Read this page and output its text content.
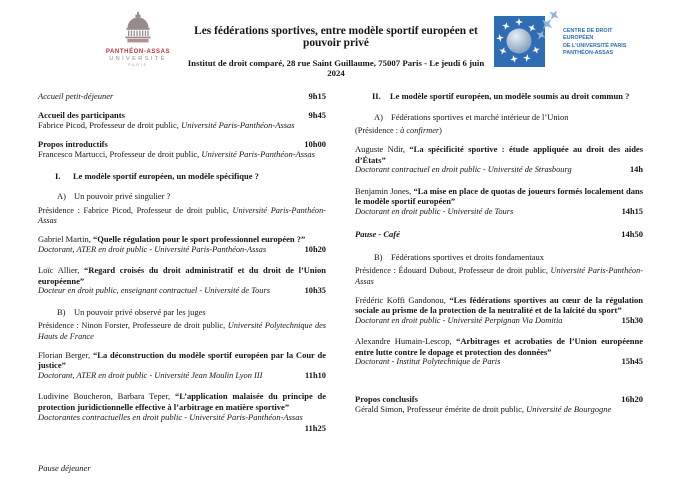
PANTHÉON-ASSAS
UNIVERSITÉ
PARIS
Les fédérations sportives, entre modèle sportif européen et pouvoir privé
Institut de droit comparé, 28 rue Saint Guillaume, 75007 Paris - Le jeudi 6 juin 2024
CENTRE DE DROIT EUROPÉEN
DE L’UNIVERSITÉ PARIS
PANTHÉON-ASSAS
Accueil petit-déjeuner	9h15
Accueil des participants	9h45
Fabrice Picod, Professeur de droit public, Université Paris-Panthéon-Assas
Propos introductifs	10h00
Francesco Martucci, Professeur de droit public, Université Paris-Panthéon-Assas
I.	Le modèle sportif européen, un modèle spécifique ?
A) Un pouvoir privé singulier ?
Présidence : Fabrice Picod, Professeur de droit public, Université Paris-Panthéon-Assas

Gabriel Martin, “Quelle régulation pour le sport professionnel européen ?”

Doctorant, ATER en droit public - Université Paris-Panthéon-Assas	10h20

Loïc Allier, “Regard croisés du droit administratif et du droit de l’Union européenne”

Docteur en droit public, enseignant contractuel - Université de Tours	10h35

B)	Un pouvoir privé observé par les juges
Présidence : Ninon Forster, Professeure de droit public, Université Polytechnique des Hauts de France

Florian Berger, “La déconstruction du modèle sportif européen par la Cour de justice”

Doctorant, ATER en droit public - Université Jean Moulin Lyon III	11h10

Ludivine Boucheron, Barbara Teper, “L’application malaisée du principe de protection juridictionnelle effective à l’arbitrage en matière sportive”

Doctorantes contractuelles en droit public - Université Paris-Panthéon-Assas

11h25

Pause déjeuner
II.	Le modèle sportif européen, un modèle soumis au droit commun ?
A) Fédérations sportives et marché intérieur de l’Union
(Présidence : à confirmer)

Auguste Ndir, “La spécificité sportive : étude appliquée au droit des aides d’États”

Doctorant contractuel en droit public - Université de Strasbourg	14h

Benjamin Jones, “La mise en place de quotas de joueurs formés localement dans le modèle sportif européen”

Doctorant en droit public - Université de Tours	14h15

Pause - Café	14h50
B)	Fédérations sportives et droits fondamentaux
Présidence : Édouard Dubout, Professeur de droit public, Université Paris-Panthéon-Assas

Frédéric Koffi Gandonou, “Les fédérations sportives au cœur de la régulation sociale au prisme de la protection de la neutralité et de la laïcité du sport”

Doctorant en droit public - Université Perpignan Via Domitia	15h30

Alexandre Humain-Lescop, “Arbitrages et acrobaties de l’Union européenne entre lutte contre le dopage et protection des données”

Doctorant - Institut Polytechnique de Paris	15h45

Propos conclusifs	16h20
Gérald Simon, Professeur émérite de droit public, Université de Bourgogne
